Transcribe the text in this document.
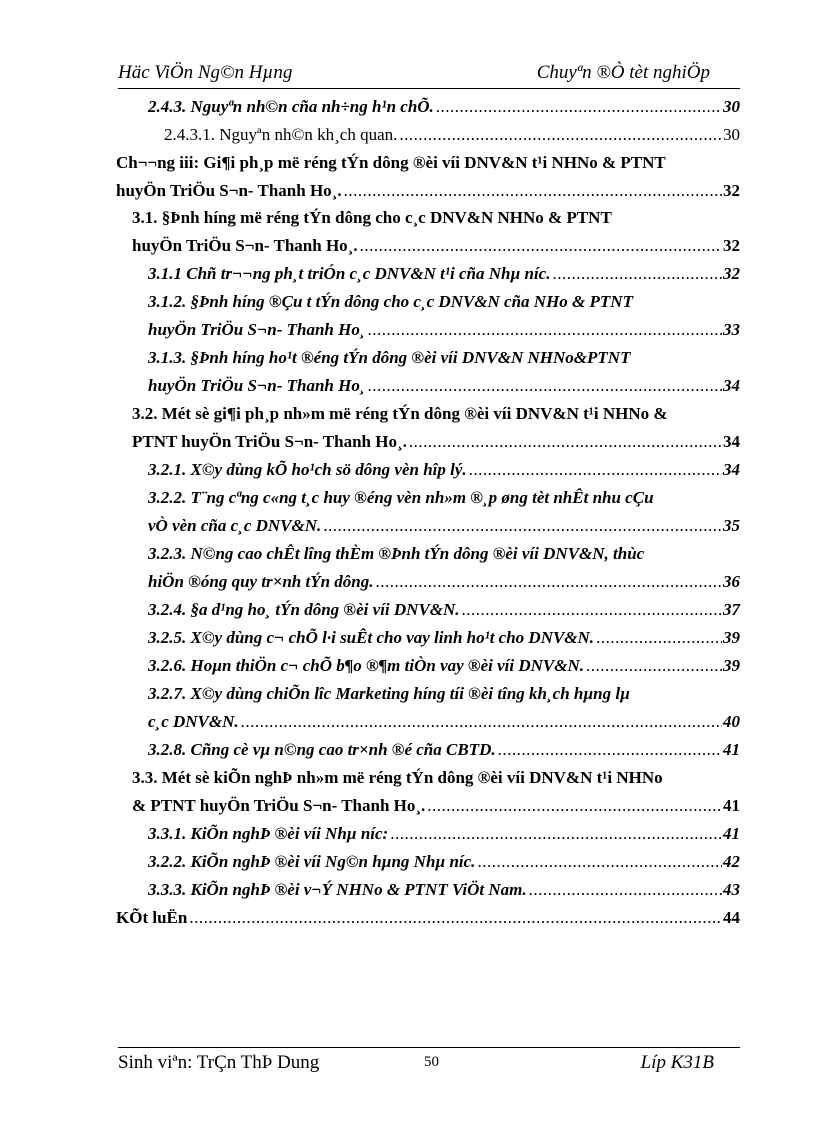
Häc ViÖn Ng©n Hµng	Chuyªn ®Ò tèt nghiÖp
2.4.3. Nguyªn nh©n cña nh÷ng h¹n chÕ. .....	30
2.4.3.1. Nguyªn nh©n kh¸ch quan. .....	30
Ch¬¬ng iii: Gi¶i ph¸p më réng tÝn dông ®èi víi DNV&N t¹i NHNo & PTNT
huyÖn TriÖu S¬n- Thanh Ho¸. .....	32
3.1. §Þnh híng më réng tÝn dông cho c¸c DNV&N NHNo & PTNT
huyÖn TriÖu S¬n- Thanh Ho¸. .....	32
3.1.1 Chñ tr¬¬ng ph¸t triÓn c¸c DNV&N t¹i cña Nhµ níc. .....	32
3.1.2. §Þnh híng ®Çu t tÝn dông cho c¸c DNV&N cña NHo & PTNT
huyÖn TriÖu S¬n- Thanh Ho¸ .....	33
3.1.3. §Þnh híng ho¹t ®éng tÝn dông ®èi víi DNV&N NHNo&PTNT
huyÖn TriÖu S¬n- Thanh Ho¸ .....	34
3.2. Mét sè gi¶i ph¸p nh»m më réng tÝn dông ®èi víi DNV&N t¹i NHNo &
PTNT huyÖn TriÖu S¬n- Thanh Ho¸. .....	34
3.2.1. X©y dùng kÕ ho¹ch sö dông vèn hîp lý. .....	34
3.2.2. T¨ng cªng c«ng t¸c huy ®éng vèn nh»m ®¸p øng tèt nhÊt nhu cÇu
vÒ vèn cña c¸c DNV&N. .....	35
3.2.3. N©ng cao chÊt lîng thÈm ®Þnh tÝn dông ®èi víi DNV&N, thùc
hiÖn ®óng quy tr×nh tÝn dông. .....	36
3.2.4. §a d¹ng ho¸ tÝn dông ®èi víi DNV&N. .....	37
3.2.5. X©y dùng c¬ chÕ l·i suÊt cho vay linh ho¹t cho DNV&N. .....	39
3.2.6. Hoµn thiÖn c¬ chÕ b¶o ®¶m tiÒn vay ®èi víi DNV&N. .....	39
3.2.7. X©y dùng chiÕn lîc Marketing híng tíi ®èi tîng kh¸ch hµng lµ
c¸c DNV&N. .....	40
3.2.8. Cñng cè vµ n©ng cao tr×nh ®é cña CBTD. .....	41
3.3. Mét sè kiÕn nghÞ nh»m më réng tÝn dông ®èi víi DNV&N t¹i NHNo
& PTNT huyÖn TriÖu S¬n- Thanh Ho¸. .....	41
3.3.1. KiÕn nghÞ ®èi víi Nhµ níc: .....	41
3.2.2. KiÕn nghÞ ®èi víi Ng©n hµng Nhµ níc. .....	42
3.3.3. KiÕn nghÞ ®èi v¬Ý NHNo & PTNT ViÖt Nam. .....	43
KÕt luËn .....	44
Sinh viªn: TrÇn ThÞ Dung	50	Líp K31B
